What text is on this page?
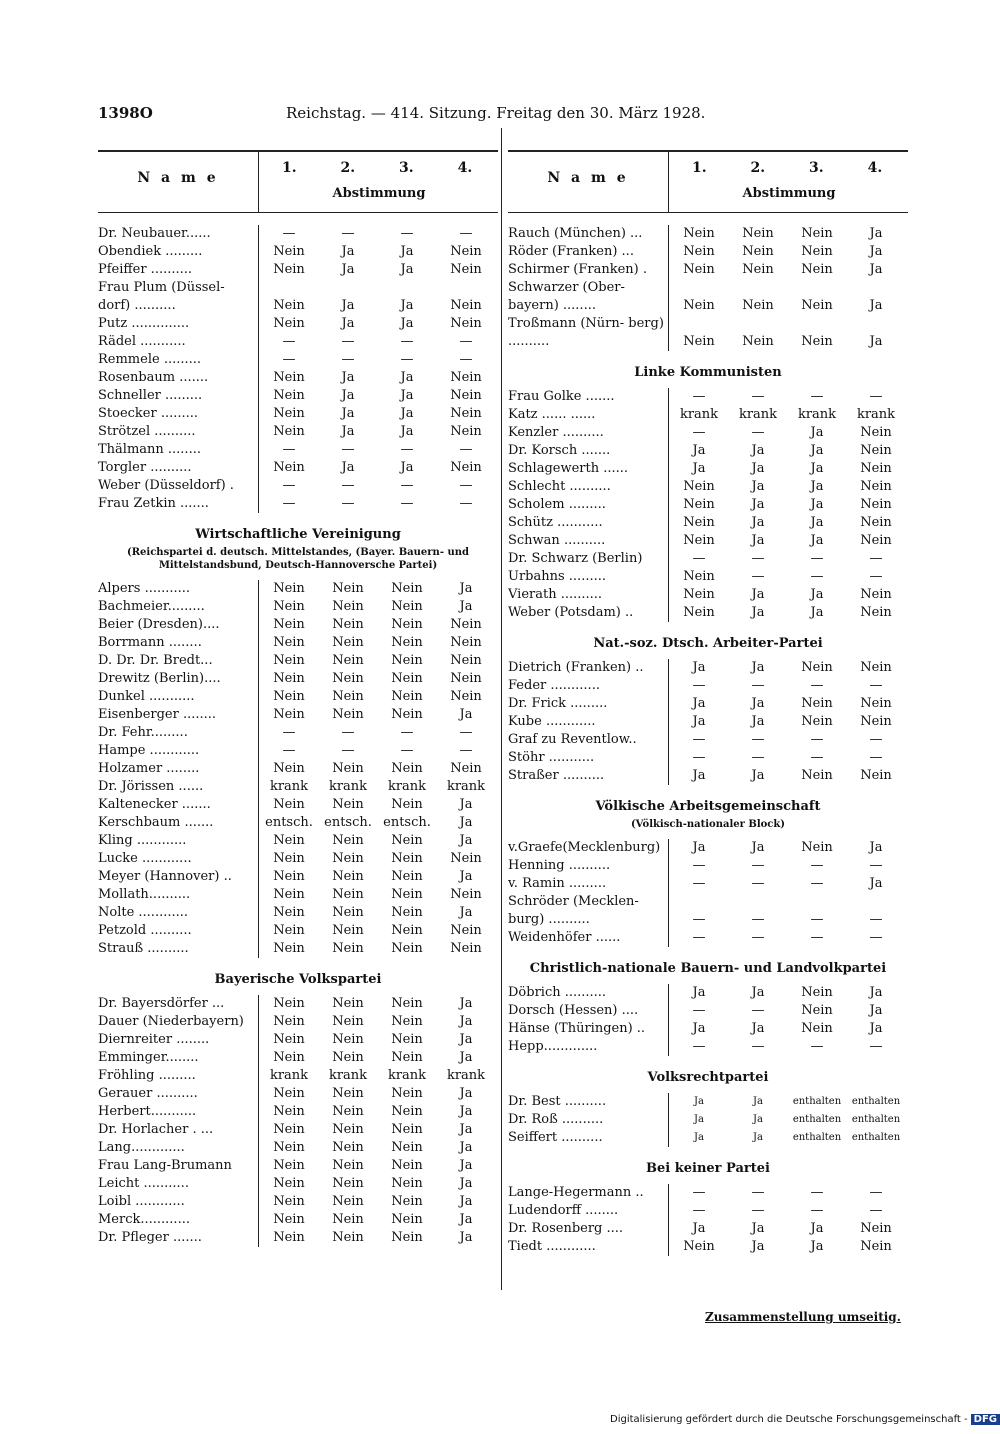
1398O	Reichstag. — 414. Sitzung. Freitag den 30. März 1928.
N a m e
1.	2.	3.	4.
Abstimmung
Dr. Neubauer......	—	—	—	—
Obendiek .........	Nein	Ja	Ja	Nein
Pfeiffer ..........	Nein	Ja	Ja	Nein
Frau Plum (Düssel- dorf) ..........	Nein	Ja	Ja	Nein
Putz ..............	Nein	Ja	Ja	Nein
Rädel ...........	—	—	—	—
Remmele .........	—	—	—	—
Rosenbaum .......	Nein	Ja	Ja	Nein
Schneller .........	Nein	Ja	Ja	Nein
Stoecker .........	Nein	Ja	Ja	Nein
Strötzel ..........	Nein	Ja	Ja	Nein
Thälmann ........	—	—	—	—
Torgler ..........	Nein	Ja	Ja	Nein
Weber (Düsseldorf) .	—	—	—	—
Frau Zetkin .......	—	—	—	—
Wirtschaftliche Vereinigung
(Reichspartei d. deutsch. Mittelstandes, (Bayer. Bauern- und Mittelstandsbund, Deutsch-Hannoversche Partei)
Alpers ...........	Nein	Nein	Nein	Ja
Bachmeier.........	Nein	Nein	Nein	Ja
Beier (Dresden)....	Nein	Nein	Nein	Nein
Borrmann ........	Nein	Nein	Nein	Nein
D. Dr. Dr. Bredt...	Nein	Nein	Nein	Nein
Drewitz (Berlin)....	Nein	Nein	Nein	Nein
Dunkel ...........	Nein	Nein	Nein	Nein
Eisenberger ........	Nein	Nein	Nein	Ja
Dr. Fehr.........	—	—	—	—
Hampe ............	—	—	—	—
Holzamer ........	Nein	Nein	Nein	Nein
Dr. Jörissen ......	krank	krank	krank	krank
Kaltenecker .......	Nein	Nein	Nein	Ja
Kerschbaum .......	entsch. entsch. entsch.	Ja
Kling ............	Nein	Nein	Nein	Ja
Lucke ............	Nein	Nein	Nein	Nein
Meyer (Hannover) ..	Nein	Nein	Nein	Ja
Mollath..........	Nein	Nein	Nein	Nein
Nolte ............	Nein	Nein	Nein	Ja
Petzold ..........	Nein	Nein	Nein	Nein
Strauß ..........	Nein	Nein	Nein	Nein
Bayerische Volkspartei
Dr. Bayersdörfer ...	Nein	Nein	Nein	Ja
Dauer (Niederbayern)	Nein	Nein	Nein	Ja
Diernreiter ........	Nein	Nein	Nein	Ja
Emminger........	Nein	Nein	Nein	Ja
Fröhling .........	krank	krank	krank	krank
Gerauer ..........	Nein	Nein	Nein	Ja
Herbert...........	Nein	Nein	Nein	Ja
Dr. Horlacher . ...	Nein	Nein	Nein	Ja
Lang.............	Nein	Nein	Nein	Ja
Frau Lang-Brumann	Nein	Nein	Nein	Ja
Leicht ...........	Nein	Nein	Nein	Ja
Loibl ............	Nein	Nein	Nein	Ja
Merck............	Nein	Nein	Nein	Ja
Dr. Pfleger .......	Nein	Nein	Nein	Ja
N a m e
1.	2.	3.	4.
Abstimmung
Rauch (München) ...	Nein	Nein	Nein	Ja
Röder (Franken) ...	Nein	Nein	Nein	Ja
Schirmer (Franken) .	Nein	Nein	Nein	Ja
Schwarzer (Ober- bayern) ........	Nein	Nein	Nein	Ja
Troßmann (Nürn- berg) ..........	Nein	Nein	Nein	Ja
Linke Kommunisten
Frau Golke .......	—	—	—	—
Katz ...... ......	krank	krank	krank	krank
Kenzler ..........	—	—	Ja	Nein
Dr. Korsch .......	Ja	Ja	Ja	Nein
Schlagewerth ......	Ja	Ja	Ja	Nein
Schlecht ..........	Nein	Ja	Ja	Nein
Scholem .........	Nein	Ja	Ja	Nein
Schütz ...........	Nein	Ja	Ja	Nein
Schwan ..........	Nein	Ja	Ja	Nein
Dr. Schwarz (Berlin)	—	—	—	—
Urbahns .........	Nein	—	—	—
Vierath ..........	Nein	Ja	Ja	Nein
Weber (Potsdam) ..	Nein	Ja	Ja	Nein
Nat.-soz. Dtsch. Arbeiter-Partei
Dietrich (Franken) ..	Ja	Ja	Nein	Nein
Feder ............	—	—	—	—
Dr. Frick .........	Ja	Ja	Nein	Nein
Kube ............	Ja	Ja	Nein	Nein
Graf zu Reventlow..	—	—	—	—
Stöhr ...........	—	—	—	—
Straßer ..........	Ja	Ja	Nein	Nein
Völkische Arbeitsgemeinschaft
(Völkisch-nationaler Block)
v.Graefe(Mecklenburg)	Ja	Ja	Nein	Ja
Henning ..........	—	—	—	—
v. Ramin .........	—	—	—	Ja
Schröder (Mecklen- burg) ..........	—	—	—	—
Weidenhöfer ......	—	—	—	—
Christlich-nationale Bauern- und Landvolkpartei
Döbrich ..........	Ja	Ja	Nein	Ja
Dorsch (Hessen) ....	—	—	Nein	Ja
Hänse (Thüringen) ..	Ja	Ja	Nein	Ja
Hepp.............	—	—	—	—
Volksrechtpartei
Dr. Best ..........	Ja	Ja	enthalten	enthalten
Dr. Roß ..........	Ja	Ja	enthalten	enthalten
Seiffert ..........	Ja	Ja	enthalten	enthalten
Bei keiner Partei
Lange-Hegermann ..	—	—	—	—
Ludendorff ........	—	—	—	—
Dr. Rosenberg ....	Ja	Ja	Ja	Nein
Tiedt ............	Nein	Ja	Ja	Nein
Zusammenstellung umseitig.
Digitalisierung gefördert durch die Deutsche Forschungsgemeinschaft - DFG
